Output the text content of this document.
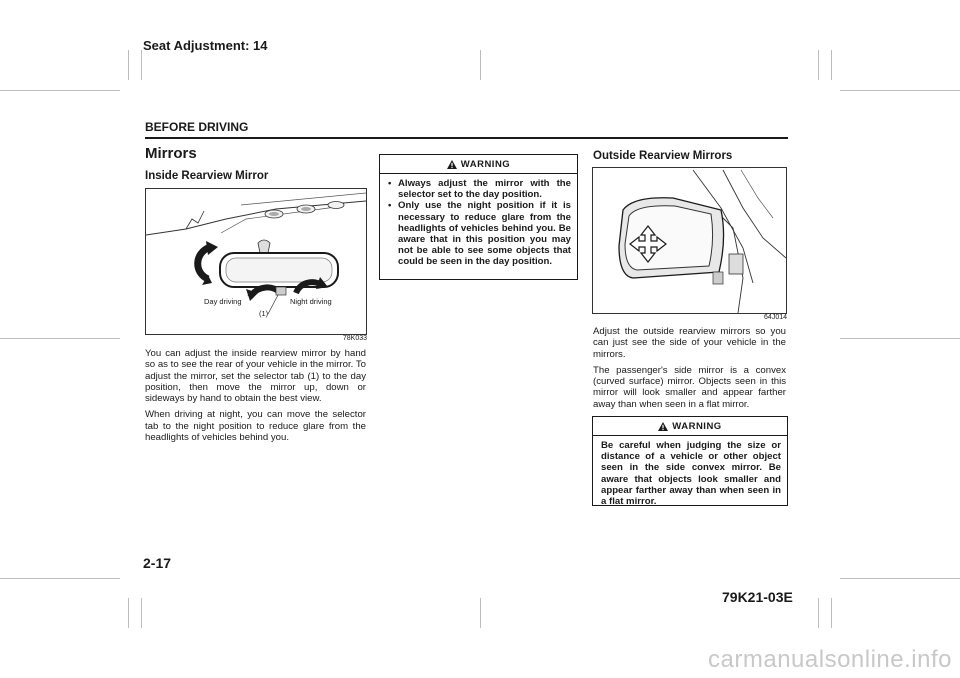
Seat Adjustment: 14
BEFORE DRIVING
Mirrors
Inside Rearview Mirror
Day driving	Night driving
(1)
78K033

You can adjust the inside rearview mirror by hand so as to see the rear of your vehicle in the mirror. To adjust the mirror, set the selector tab (1) to the day position, then move the mirror up, down or sideways by hand to obtain the best view.

When driving at night, you can move the selector tab to the night position to reduce glare from the headlights of vehicles behind you.

WARNING
• Always adjust the mirror with the selector set to the day position.
• Only use the night position if it is necessary to reduce glare from the headlights of vehicles behind you. Be aware that in this position you may not be able to see some objects that could be seen in the day position.
Outside Rearview Mirrors
64J014

Adjust the outside rearview mirrors so you can just see the side of your vehicle in the mirrors.

The passenger's side mirror is a convex (curved surface) mirror. Objects seen in this mirror will look smaller and appear farther away than when seen in a flat mirror.

WARNING
Be careful when judging the size or distance of a vehicle or other object seen in the side convex mirror. Be aware that objects look smaller and appear farther away than when seen in a flat mirror.
2-17
79K21-03E
carmanualsonline.info
